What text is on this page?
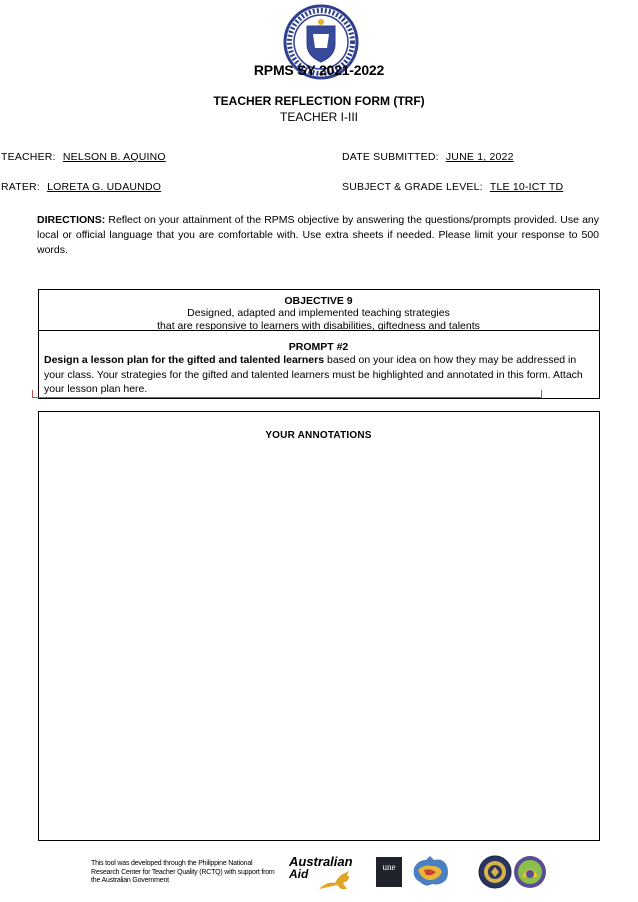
RPMS SY 2021-2022
TEACHER REFLECTION FORM (TRF)
TEACHER I-III
TEACHER: NELSON B. AQUINO	DATE SUBMITTED: JUNE 1, 2022
RATER: LORETA G. UDAUNDO	SUBJECT & GRADE LEVEL: TLE 10-ICT TD
DIRECTIONS: Reflect on your attainment of the RPMS objective by answering the questions/prompts provided. Use any local or official language that you are comfortable with. Use extra sheets if needed. Please limit your response to 500 words.
OBJECTIVE 9
Designed, adapted and implemented teaching strategies
that are responsive to learners with disabilities, giftedness and talents
PROMPT #2
Design a lesson plan for the gifted and talented learners based on your idea on how they may be addressed in your class. Your strategies for the gifted and talented learners must be highlighted and annotated in this form. Attach your lesson plan here.
YOUR ANNOTATIONS
This tool was developed through the Philippine National Research Center for Teacher Quality (RCTQ) with support from the Australian Government
Australian
Aid	une
